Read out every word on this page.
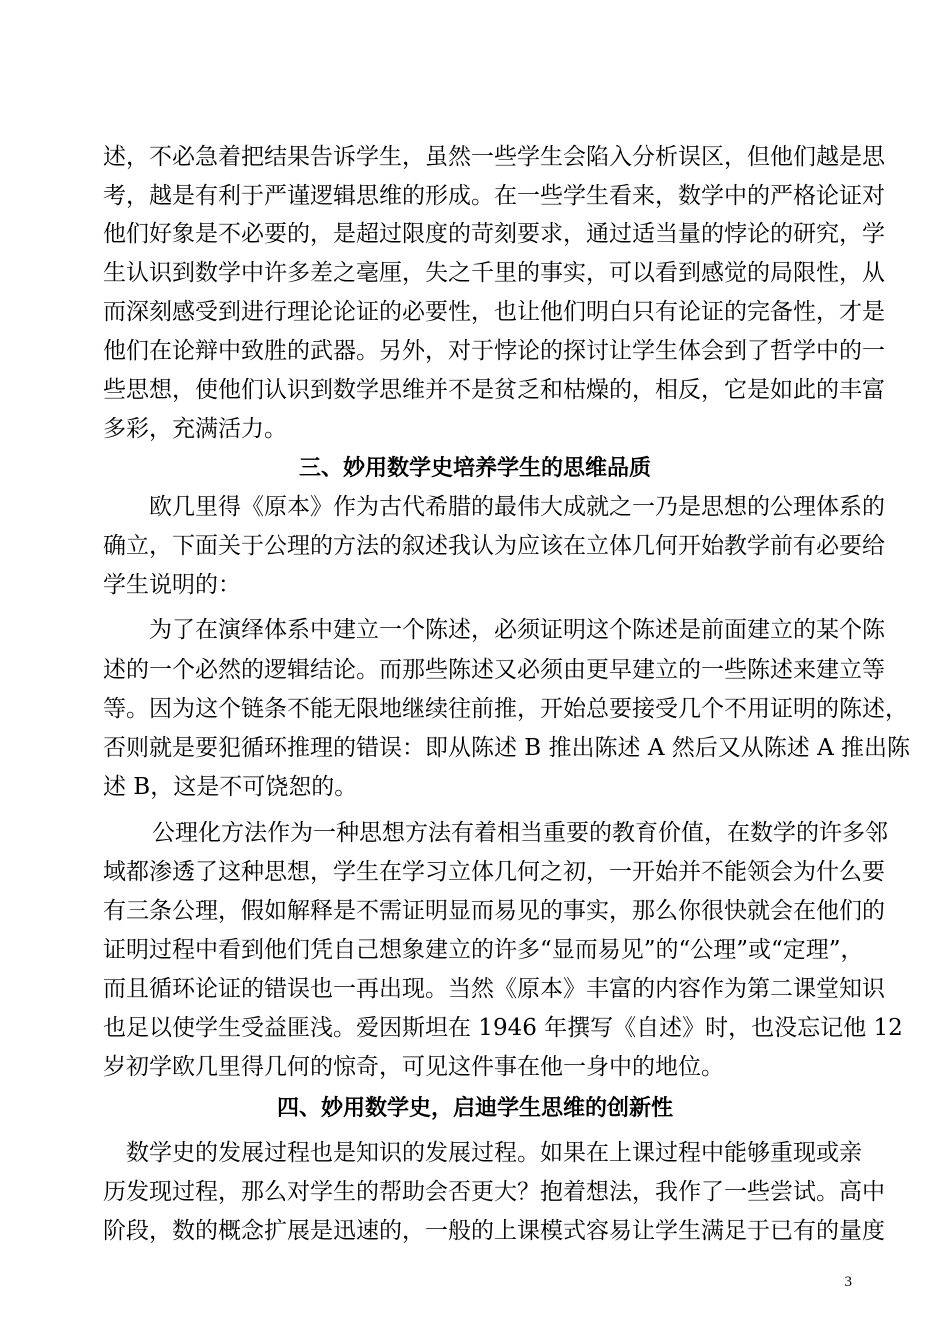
述，不必急着把结果告诉学生，虽然一些学生会陷入分析误区，但他们越是思
考，越是有利于严谨逻辑思维的形成。在一些学生看来，数学中的严格论证对
他们好象是不必要的，是超过限度的苛刻要求，通过适当量的悖论的研究，学
生认识到数学中许多差之毫厘，失之千里的事实，可以看到感觉的局限性，从
而深刻感受到进行理论论证的必要性，也让他们明白只有论证的完备性，才是
他们在论辩中致胜的武器。另外，对于悖论的探讨让学生体会到了哲学中的一
些思想，使他们认识到数学思维并不是贫乏和枯燥的，相反，它是如此的丰富
多彩，充满活力。
三、妙用数学史培养学生的思维品质
欧几里得《原本》作为古代希腊的最伟大成就之一乃是思想的公理体系的
确立，下面关于公理的方法的叙述我认为应该在立体几何开始教学前有必要给
学生说明的：
为了在演绎体系中建立一个陈述，必须证明这个陈述是前面建立的某个陈
述的一个必然的逻辑结论。而那些陈述又必须由更早建立的一些陈述来建立等
等。因为这个链条不能无限地继续往前推，开始总要接受几个不用证明的陈述，
否则就是要犯循环推理的错误：即从陈述 B 推出陈述 A 然后又从陈述 A 推出陈
述 B，这是不可饶恕的。
公理化方法作为一种思想方法有着相当重要的教育价值，在数学的许多邻
域都渗透了这种思想，学生在学习立体几何之初，一开始并不能领会为什么要
有三条公理，假如解释是不需证明显而易见的事实，那么你很快就会在他们的
证明过程中看到他们凭自己想象建立的许多“显而易见”的“公理”或“定理”，
而且循环论证的错误也一再出现。当然《原本》丰富的内容作为第二课堂知识
也足以使学生受益匪浅。爱因斯坦在 1946 年撰写《自述》时，也没忘记他 12
岁初学欧几里得几何的惊奇，可见这件事在他一身中的地位。
四、妙用数学史，启迪学生思维的创新性
数学史的发展过程也是知识的发展过程。如果在上课过程中能够重现或亲
历发现过程，那么对学生的帮助会否更大？抱着想法，我作了一些尝试。高中
阶段，数的概念扩展是迅速的，一般的上课模式容易让学生满足于已有的量度
3
